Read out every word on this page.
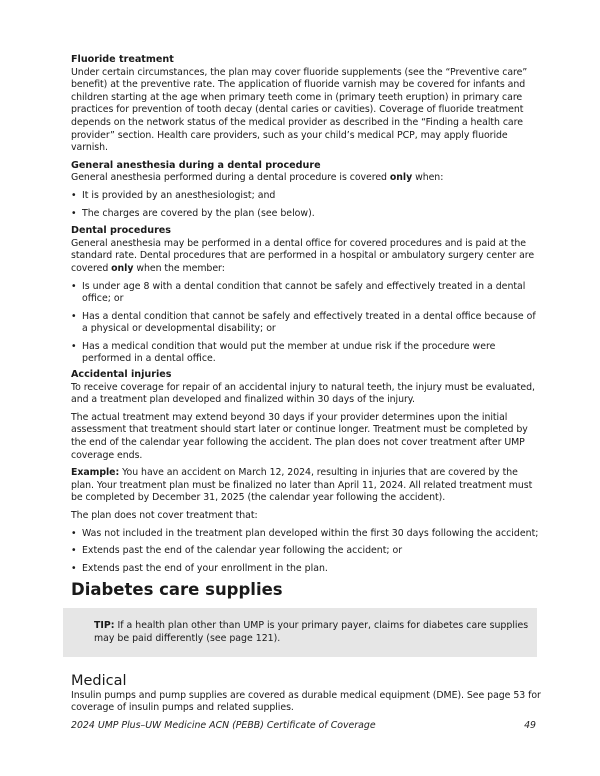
Fluoride treatment

Under certain circumstances, the plan may cover fluoride supplements (see the “Preventive care” benefit) at the preventive rate. The application of fluoride varnish may be covered for infants and children starting at the age when primary teeth come in (primary teeth eruption) in primary care practices for prevention of tooth decay (dental caries or cavities). Coverage of fluoride treatment depends on the network status of the medical provider as described in the “Finding a health care provider” section. Health care providers, such as your child’s medical PCP, may apply fluoride varnish.

General anesthesia during a dental procedure

General anesthesia performed during a dental procedure is covered only when:

• It is provided by an anesthesiologist; and
• The charges are covered by the plan (see below).
Dental procedures

General anesthesia may be performed in a dental office for covered procedures and is paid at the standard rate. Dental procedures that are performed in a hospital or ambulatory surgery center are covered only when the member:

• Is under age 8 with a dental condition that cannot be safely and effectively treated in a dental office; or
• Has a dental condition that cannot be safely and effectively treated in a dental office because of a physical or developmental disability; or
• Has a medical condition that would put the member at undue risk if the procedure were performed in a dental office.
Accidental injuries

To receive coverage for repair of an accidental injury to natural teeth, the injury must be evaluated, and a treatment plan developed and finalized within 30 days of the injury.

The actual treatment may extend beyond 30 days if your provider determines upon the initial assessment that treatment should start later or continue longer. Treatment must be completed by the end of the calendar year following the accident. The plan does not cover treatment after UMP coverage ends.

Example: You have an accident on March 12, 2024, resulting in injuries that are covered by the plan. Your treatment plan must be finalized no later than April 11, 2024. All related treatment must be completed by December 31, 2025 (the calendar year following the accident).

The plan does not cover treatment that:

• Was not included in the treatment plan developed within the first 30 days following the accident;
• Extends past the end of the calendar year following the accident; or
• Extends past the end of your enrollment in the plan.
Diabetes care supplies
TIP: If a health plan other than UMP is your primary payer, claims for diabetes care supplies may be paid differently (see page 121).
Medical

Insulin pumps and pump supplies are covered as durable medical equipment (DME). See page 53 for coverage of insulin pumps and related supplies.

2024 UMP Plus–UW Medicine ACN (PEBB) Certificate of Coverage	49
